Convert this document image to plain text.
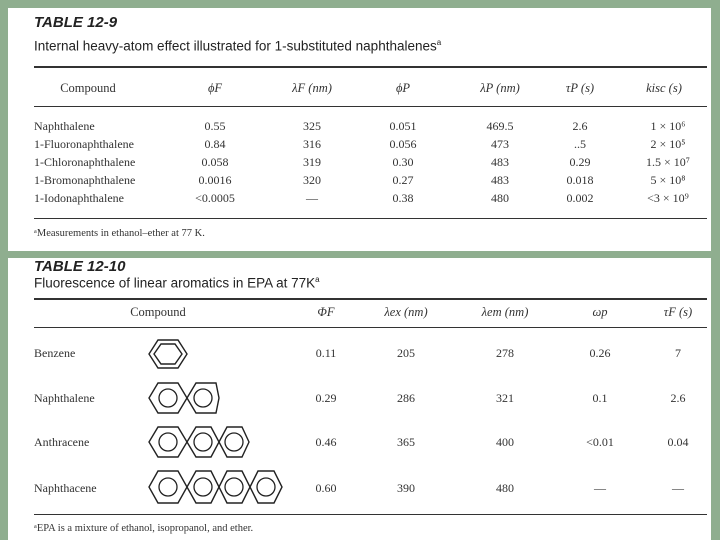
TABLE 12-9
Internal heavy-atom effect illustrated for 1-substituted naphthalenes$^a$
Compound	ϕF	λF (nm)	ϕP	λP (nm)	τP (s)	kisc (s)
Naphthalene	0.55	325	0.051	469.5	2.6	1 × 10⁶
1-Fluoronaphthalene	0.84	316	0.056	473	..5	2 × 10⁵
1-Chloronaphthalene	0.058	319	0.30	483	0.29	1.5 × 10⁷
1-Bromonaphthalene	0.0016	320	0.27	483	0.018	5 × 10⁸
1-Iodonaphthalene	<0.0005	—	0.38	480	0.002	<3 × 10⁹
ᵃMeasurements in ethanol–ether at 77 K.
TABLE 12-10
Fluorescence of linear aromatics in EPA at $77K^a$
Compound	ΦF	λex (nm)	λem (nm)	ωp	τF (s)
Benzene	0.11	205	278	0.26	7
Naphthalene	0.29	286	321	0.1	2.6
Anthracene	0.46	365	400	<0.01	0.04
Naphthacene	0.60	390	480	—	—
ᵃEPA is a mixture of ethanol, isopropanol, and ether.
